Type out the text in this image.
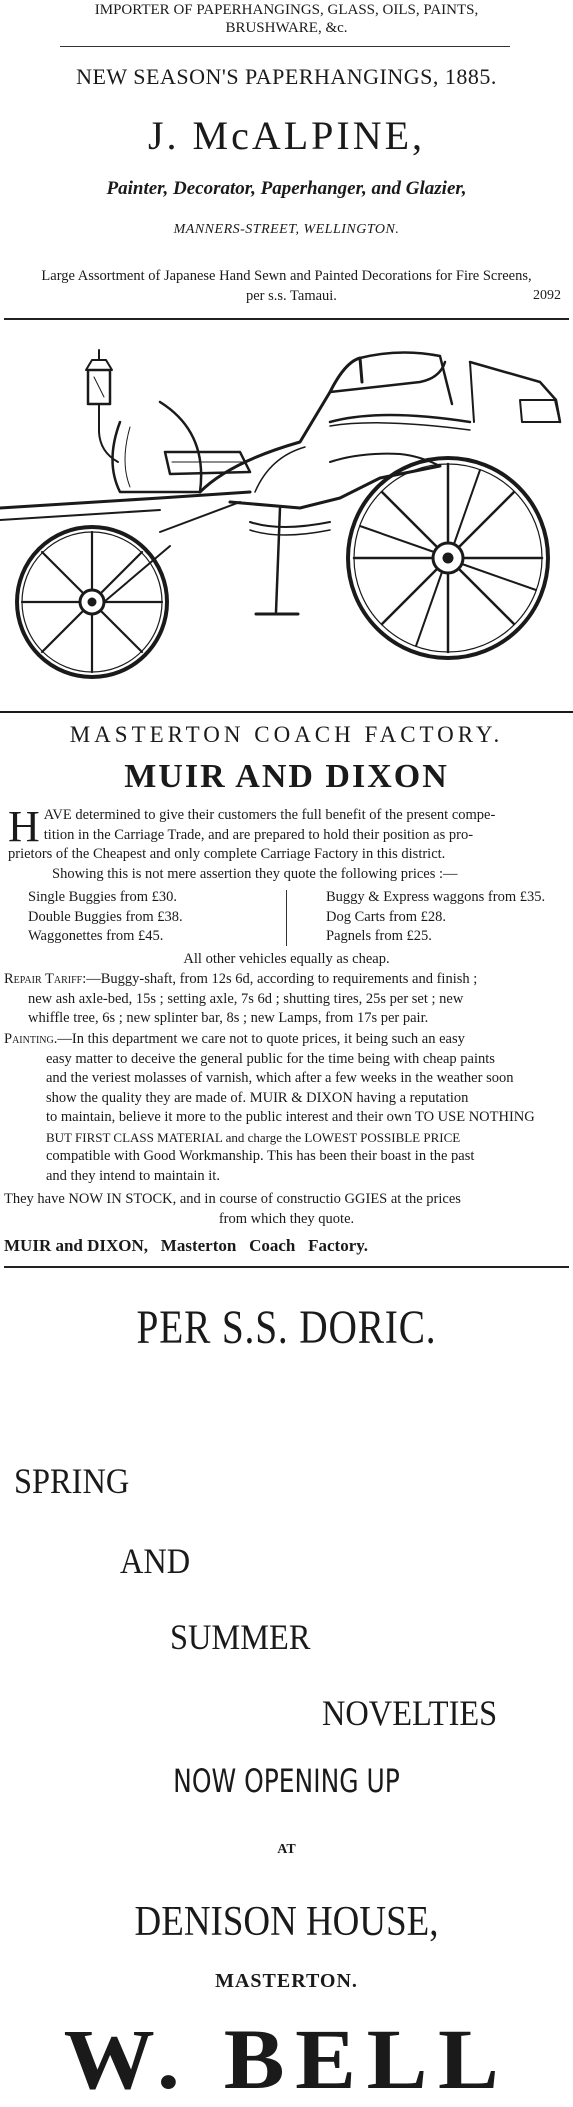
IMPORTER OF PAPERHANGINGS, GLASS, OILS, PAINTS,
BRUSHWARE, &c.
NEW SEASON'S PAPERHANGINGS, 1885.
J. McALPINE,
Painter, Decorator, Paperhanger, and Glazier,
MANNERS-STREET, WELLINGTON.
Large Assortment of Japanese Hand Sewn and Painted Decorations for Fire Screens,
per s.s. Tamaui.	2092
MASTERTON COACH FACTORY.
MUIR AND DIXON
H AVE determined to give their customers the full benefit of the present compe-
tition in the Carriage Trade, and are prepared to hold their position as pro-
prietors of the Cheapest and only complete Carriage Factory in this district.
Showing this is not mere assertion they quote the following prices :—
Single Buggies from £30.
Double Buggies from £38.
Waggonettes from £45.
Buggy & Express waggons from £35.
Dog Carts from £28.
Pagnels from £25.
All other vehicles equally as cheap.
Repair Tariff:—Buggy-shaft, from 12s 6d, according to requirements and finish ;
new ash axle-bed, 15s ; setting axle, 7s 6d ; shutting tires, 25s per set ; new
whiffle tree, 6s ; new splinter bar, 8s ; new Lamps, from 17s per pair.
Painting.—In this department we care not to quote prices, it being such an easy
easy matter to deceive the general public for the time being with cheap paints
and the veriest molasses of varnish, which after a few weeks in the weather soon
show the quality they are made of. MUIR & DIXON having a reputation
to maintain, believe it more to the public interest and their own TO USE NOTHING
BUT FIRST CLASS MATERIAL and charge the LOWEST POSSIBLE PRICE
compatible with Good Workmanship. This has been their boast in the past
and they intend to maintain it.
They have NOW IN STOCK, and in course of constructio GGIES at the prices
from which they quote.
MUIR and DIXON,   Masterton   Coach   Factory.
PER S.S. DORIC.
SPRING
AND
SUMMER
NOVELTIES
NOW OPENING UP
AT
DENISON HOUSE,
MASTERTON.
W. BELL
